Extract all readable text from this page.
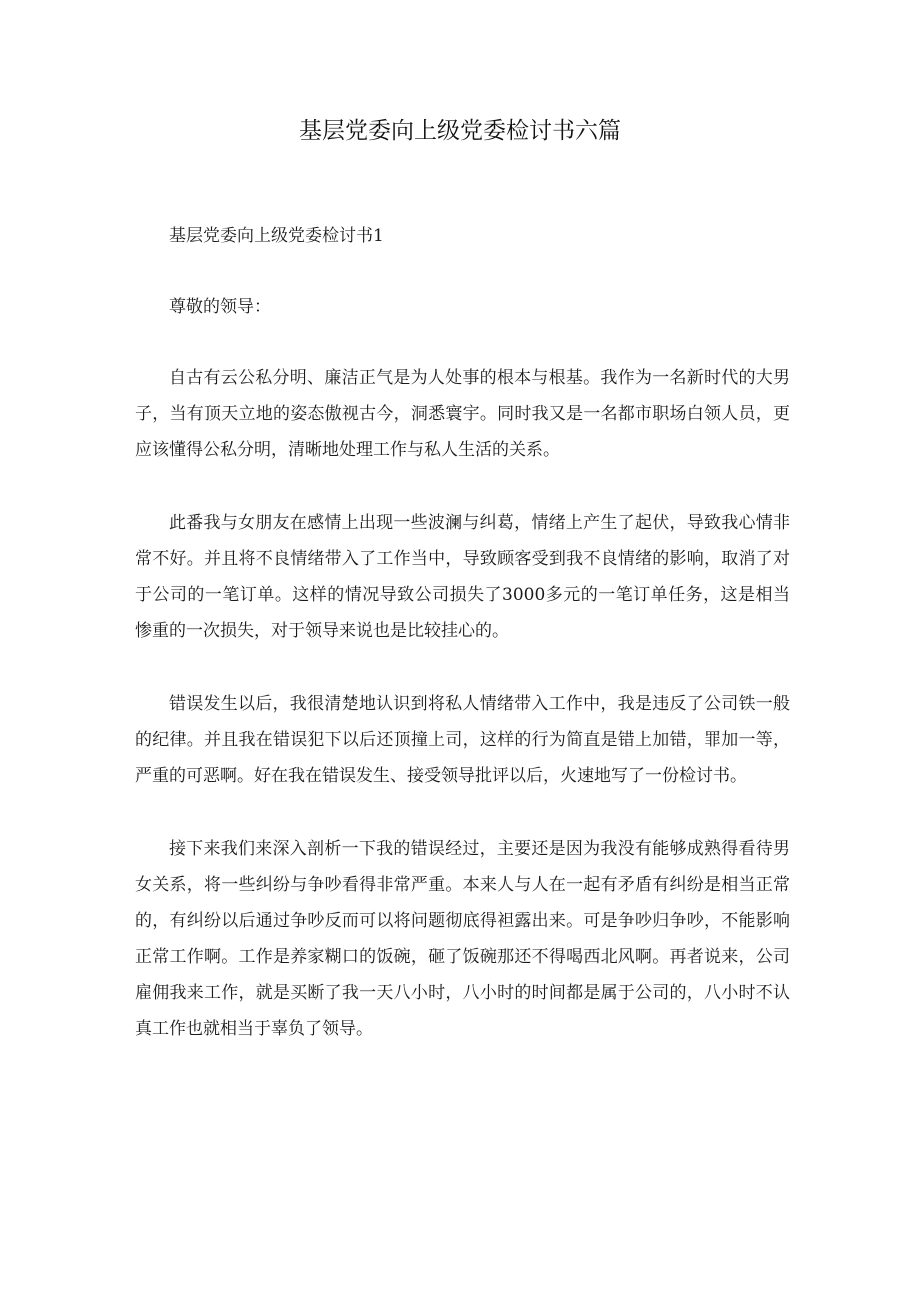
基层党委向上级党委检讨书六篇

基层党委向上级党委检讨书1

尊敬的领导：

自古有云公私分明、廉洁正气是为人处事的根本与根基。我作为一名新时代的大男子，当有顶天立地的姿态傲视古今，洞悉寰宇。同时我又是一名都市职场白领人员，更应该懂得公私分明，清晰地处理工作与私人生活的关系。

此番我与女朋友在感情上出现一些波澜与纠葛，情绪上产生了起伏，导致我心情非常不好。并且将不良情绪带入了工作当中，导致顾客受到我不良情绪的影响，取消了对于公司的一笔订单。这样的情况导致公司损失了3000多元的一笔订单任务，这是相当惨重的一次损失，对于领导来说也是比较挂心的。

错误发生以后，我很清楚地认识到将私人情绪带入工作中，我是违反了公司铁一般的纪律。并且我在错误犯下以后还顶撞上司，这样的行为简直是错上加错，罪加一等，严重的可恶啊。好在我在错误发生、接受领导批评以后，火速地写了一份检讨书。

接下来我们来深入剖析一下我的错误经过，主要还是因为我没有能够成熟得看待男女关系，将一些纠纷与争吵看得非常严重。本来人与人在一起有矛盾有纠纷是相当正常的，有纠纷以后通过争吵反而可以将问题彻底得袒露出来。可是争吵归争吵，不能影响正常工作啊。工作是养家糊口的饭碗，砸了饭碗那还不得喝西北风啊。再者说来，公司雇佣我来工作，就是买断了我一天八小时，八小时的时间都是属于公司的，八小时不认真工作也就相当于辜负了领导。
